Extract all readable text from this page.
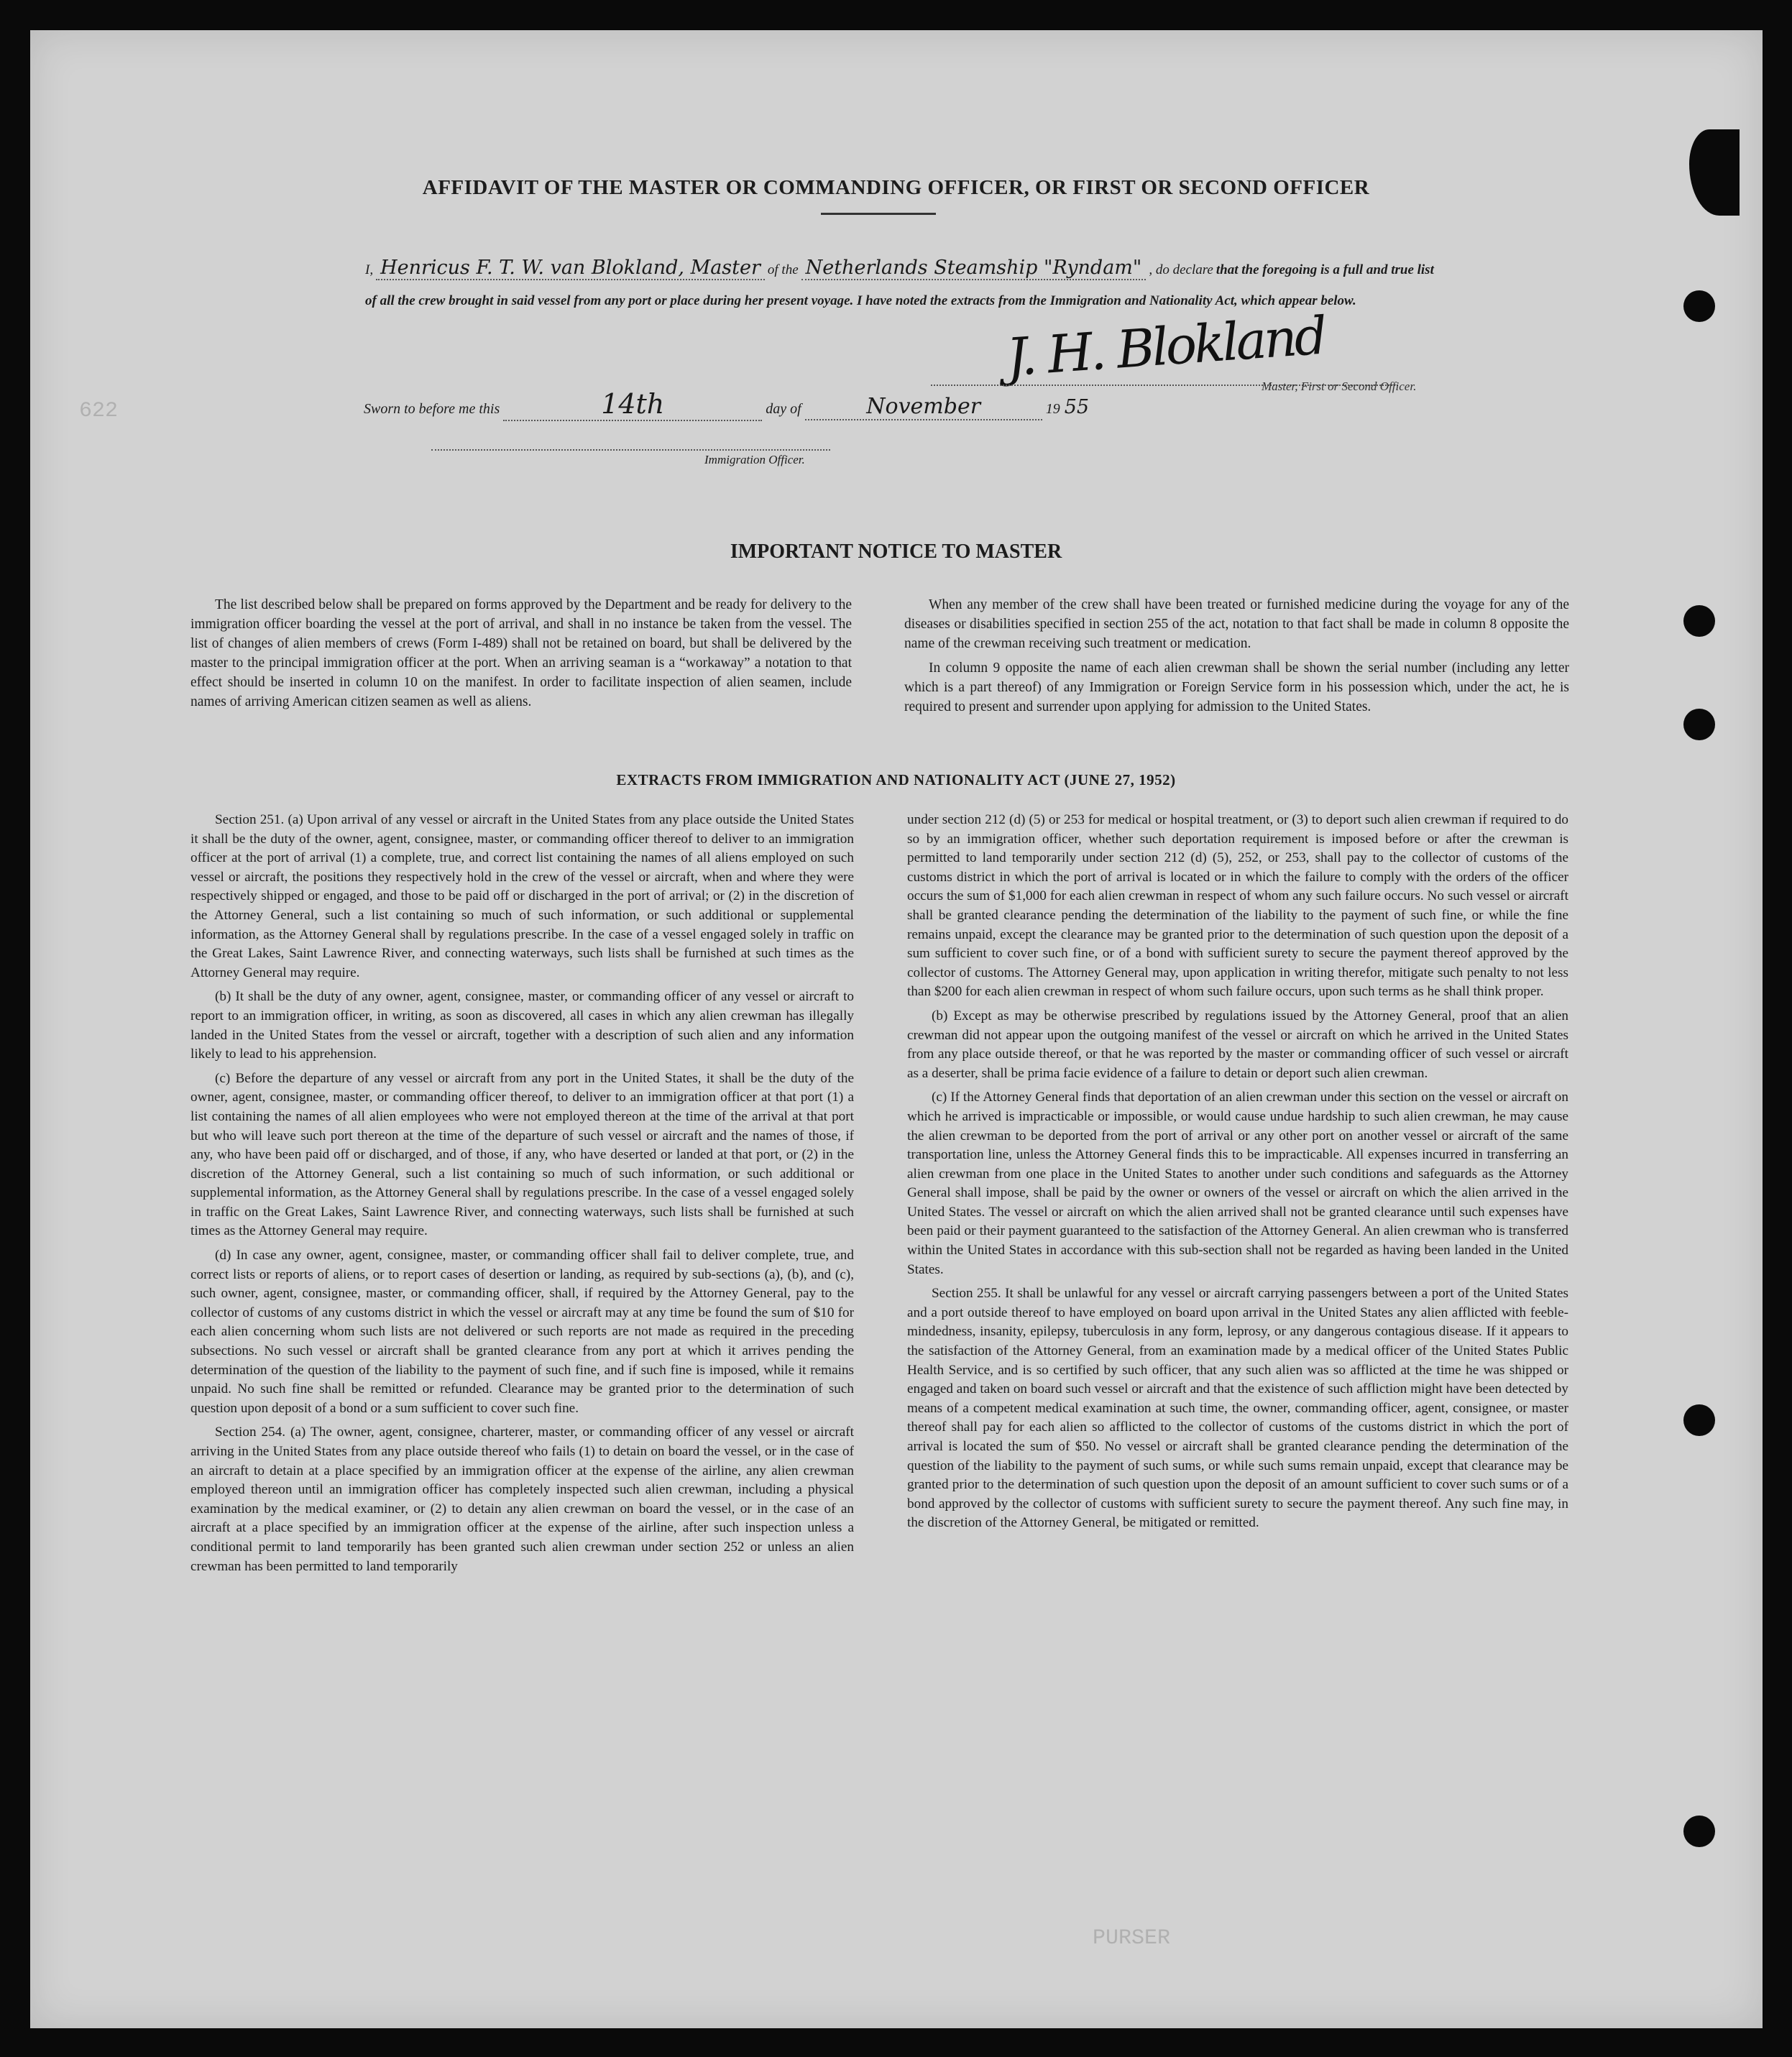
622
PURSER
AFFIDAVIT OF THE MASTER OR COMMANDING OFFICER, OR FIRST OR SECOND OFFICER
I, Henricus F. T. W. van Blokland, Master of the Netherlands Steamship "Ryndam" , do declare that the foregoing is a full and true list of all the crew brought in said vessel from any port or place during her present voyage. I have noted the extracts from the Immigration and Nationality Act, which appear below.
J. H. Blokland
Master, First or Second Officer.
Sworn to before me this	14th	day of	November	19 55
Immigration Officer.
IMPORTANT NOTICE TO MASTER

The list described below shall be prepared on forms approved by the Department and be ready for delivery to the immigration officer boarding the vessel at the port of arrival, and shall in no instance be taken from the vessel. The list of changes of alien members of crews (Form I-489) shall not be retained on board, but shall be delivered by the master to the principal immigration officer at the port. When an arriving seaman is a “workaway” a notation to that effect should be inserted in column 10 on the manifest. In order to facilitate inspection of alien seamen, include names of arriving American citizen seamen as well as aliens.

When any member of the crew shall have been treated or furnished medicine during the voyage for any of the diseases or disabilities specified in section 255 of the act, notation to that fact shall be made in column 8 opposite the name of the crewman receiving such treatment or medication.

In column 9 opposite the name of each alien crewman shall be shown the serial number (including any letter which is a part thereof) of any Immigration or Foreign Service form in his possession which, under the act, he is required to present and surrender upon applying for admission to the United States.

EXTRACTS FROM IMMIGRATION AND NATIONALITY ACT (JUNE 27, 1952)

Section 251. (a) Upon arrival of any vessel or aircraft in the United States from any place outside the United States it shall be the duty of the owner, agent, consignee, master, or commanding officer thereof to deliver to an immigration officer at the port of arrival (1) a complete, true, and correct list containing the names of all aliens employed on such vessel or aircraft, the positions they respectively hold in the crew of the vessel or aircraft, when and where they were respectively shipped or engaged, and those to be paid off or discharged in the port of arrival; or (2) in the discretion of the Attorney General, such a list containing so much of such information, or such additional or supplemental information, as the Attorney General shall by regulations prescribe. In the case of a vessel engaged solely in traffic on the Great Lakes, Saint Lawrence River, and connecting waterways, such lists shall be furnished at such times as the Attorney General may require.

(b) It shall be the duty of any owner, agent, consignee, master, or commanding officer of any vessel or aircraft to report to an immigration officer, in writing, as soon as discovered, all cases in which any alien crewman has illegally landed in the United States from the vessel or aircraft, together with a description of such alien and any information likely to lead to his apprehension.

(c) Before the departure of any vessel or aircraft from any port in the United States, it shall be the duty of the owner, agent, consignee, master, or commanding officer thereof, to deliver to an immigration officer at that port (1) a list containing the names of all alien employees who were not employed thereon at the time of the arrival at that port but who will leave such port thereon at the time of the departure of such vessel or aircraft and the names of those, if any, who have been paid off or discharged, and of those, if any, who have deserted or landed at that port, or (2) in the discretion of the Attorney General, such a list containing so much of such information, or such additional or supplemental information, as the Attorney General shall by regulations prescribe. In the case of a vessel engaged solely in traffic on the Great Lakes, Saint Lawrence River, and connecting waterways, such lists shall be furnished at such times as the Attorney General may require.

(d) In case any owner, agent, consignee, master, or commanding officer shall fail to deliver complete, true, and correct lists or reports of aliens, or to report cases of desertion or landing, as required by sub-sections (a), (b), and (c), such owner, agent, consignee, master, or commanding officer, shall, if required by the Attorney General, pay to the collector of customs of any customs district in which the vessel or aircraft may at any time be found the sum of $10 for each alien concerning whom such lists are not delivered or such reports are not made as required in the preceding subsections. No such vessel or aircraft shall be granted clearance from any port at which it arrives pending the determination of the question of the liability to the payment of such fine, and if such fine is imposed, while it remains unpaid. No such fine shall be remitted or refunded. Clearance may be granted prior to the determination of such question upon deposit of a bond or a sum sufficient to cover such fine.

Section 254. (a) The owner, agent, consignee, charterer, master, or commanding officer of any vessel or aircraft arriving in the United States from any place outside thereof who fails (1) to detain on board the vessel, or in the case of an aircraft to detain at a place specified by an immigration officer at the expense of the airline, any alien crewman employed thereon until an immigration officer has completely inspected such alien crewman, including a physical examination by the medical examiner, or (2) to detain any alien crewman on board the vessel, or in the case of an aircraft at a place specified by an immigration officer at the expense of the airline, after such inspection unless a conditional permit to land temporarily has been granted such alien crewman under section 252 or unless an alien crewman has been permitted to land temporarily

under section 212 (d) (5) or 253 for medical or hospital treatment, or (3) to deport such alien crewman if required to do so by an immigration officer, whether such deportation requirement is imposed before or after the crewman is permitted to land temporarily under section 212 (d) (5), 252, or 253, shall pay to the collector of customs of the customs district in which the port of arrival is located or in which the failure to comply with the orders of the officer occurs the sum of $1,000 for each alien crewman in respect of whom any such failure occurs. No such vessel or aircraft shall be granted clearance pending the determination of the liability to the payment of such fine, or while the fine remains unpaid, except the clearance may be granted prior to the determination of such question upon the deposit of a sum sufficient to cover such fine, or of a bond with sufficient surety to secure the payment thereof approved by the collector of customs. The Attorney General may, upon application in writing therefor, mitigate such penalty to not less than $200 for each alien crewman in respect of whom such failure occurs, upon such terms as he shall think proper.

(b) Except as may be otherwise prescribed by regulations issued by the Attorney General, proof that an alien crewman did not appear upon the outgoing manifest of the vessel or aircraft on which he arrived in the United States from any place outside thereof, or that he was reported by the master or commanding officer of such vessel or aircraft as a deserter, shall be prima facie evidence of a failure to detain or deport such alien crewman.

(c) If the Attorney General finds that deportation of an alien crewman under this section on the vessel or aircraft on which he arrived is impracticable or impossible, or would cause undue hardship to such alien crewman, he may cause the alien crewman to be deported from the port of arrival or any other port on another vessel or aircraft of the same transportation line, unless the Attorney General finds this to be impracticable. All expenses incurred in transferring an alien crewman from one place in the United States to another under such conditions and safeguards as the Attorney General shall impose, shall be paid by the owner or owners of the vessel or aircraft on which the alien arrived in the United States. The vessel or aircraft on which the alien arrived shall not be granted clearance until such expenses have been paid or their payment guaranteed to the satisfaction of the Attorney General. An alien crewman who is transferred within the United States in accordance with this sub-section shall not be regarded as having been landed in the United States.

Section 255. It shall be unlawful for any vessel or aircraft carrying passengers between a port of the United States and a port outside thereof to have employed on board upon arrival in the United States any alien afflicted with feeble-mindedness, insanity, epilepsy, tuberculosis in any form, leprosy, or any dangerous contagious disease. If it appears to the satisfaction of the Attorney General, from an examination made by a medical officer of the United States Public Health Service, and is so certified by such officer, that any such alien was so afflicted at the time he was shipped or engaged and taken on board such vessel or aircraft and that the existence of such affliction might have been detected by means of a competent medical examination at such time, the owner, commanding officer, agent, consignee, or master thereof shall pay for each alien so afflicted to the collector of customs of the customs district in which the port of arrival is located the sum of $50. No vessel or aircraft shall be granted clearance pending the determination of the question of the liability to the payment of such sums, or while such sums remain unpaid, except that clearance may be granted prior to the determination of such question upon the deposit of an amount sufficient to cover such sums or of a bond approved by the collector of customs with sufficient surety to secure the payment thereof. Any such fine may, in the discretion of the Attorney General, be mitigated or remitted.
